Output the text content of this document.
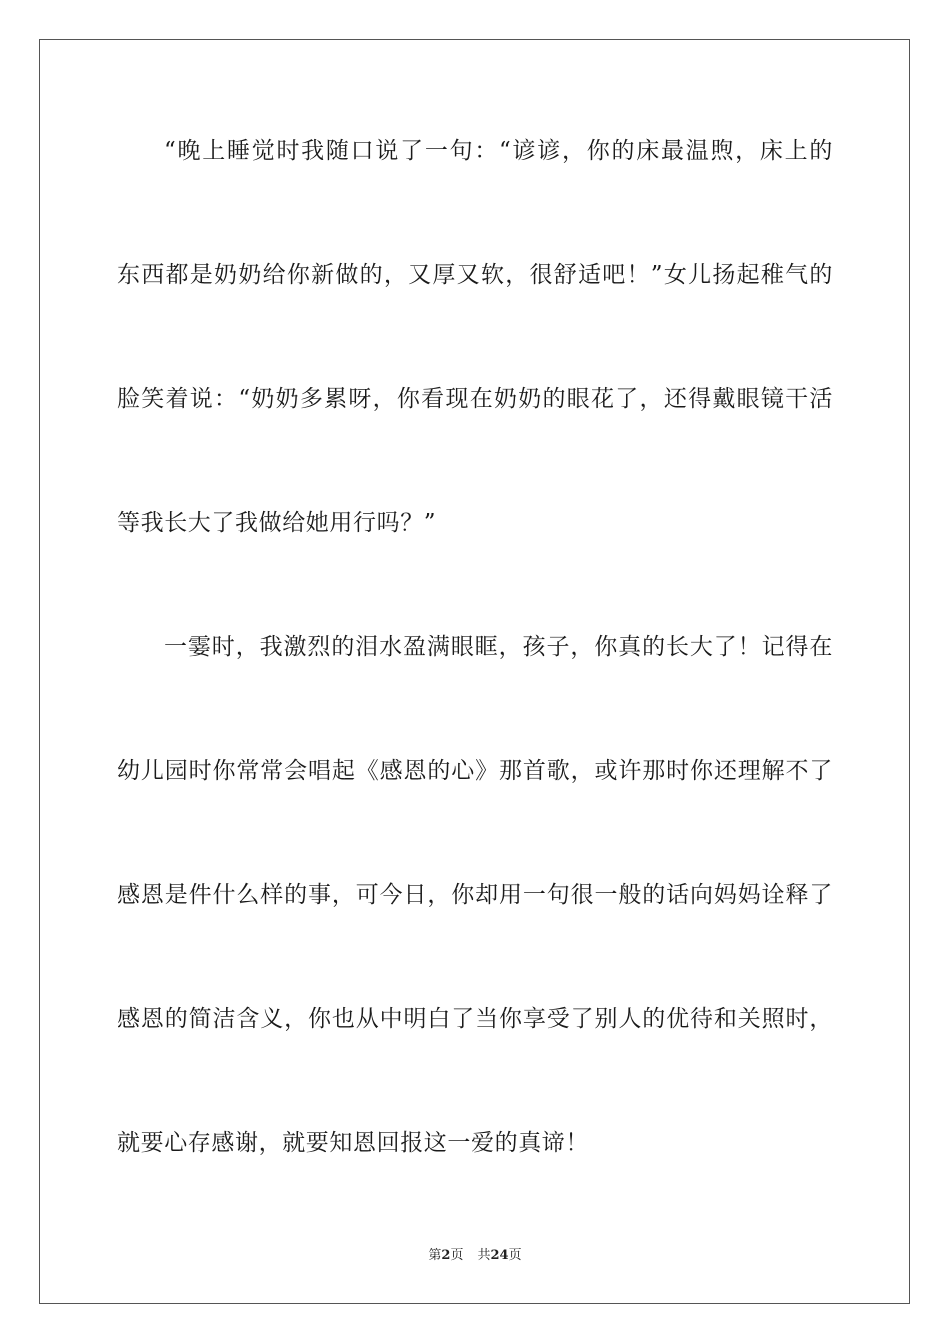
“晚上睡觉时我随口说了一句：“谚谚，你的床最温煦，床上的
东西都是奶奶给你新做的，又厚又软，很舒适吧！”女儿扬起稚气的
脸笑着说：“奶奶多累呀，你看现在奶奶的眼花了，还得戴眼镜干活
等我长大了我做给她用行吗？”
一霎时，我激烈的泪水盈满眼眶，孩子，你真的长大了！记得在
幼儿园时你常常会唱起《感恩的心》那首歌，或许那时你还理解不了
感恩是件什么样的事，可今日，你却用一句很一般的话向妈妈诠释了
感恩的简洁含义，你也从中明白了当你享受了别人的优待和关照时，
就要心存感谢，就要知恩回报这一爱的真谛！
第2页 共24页
